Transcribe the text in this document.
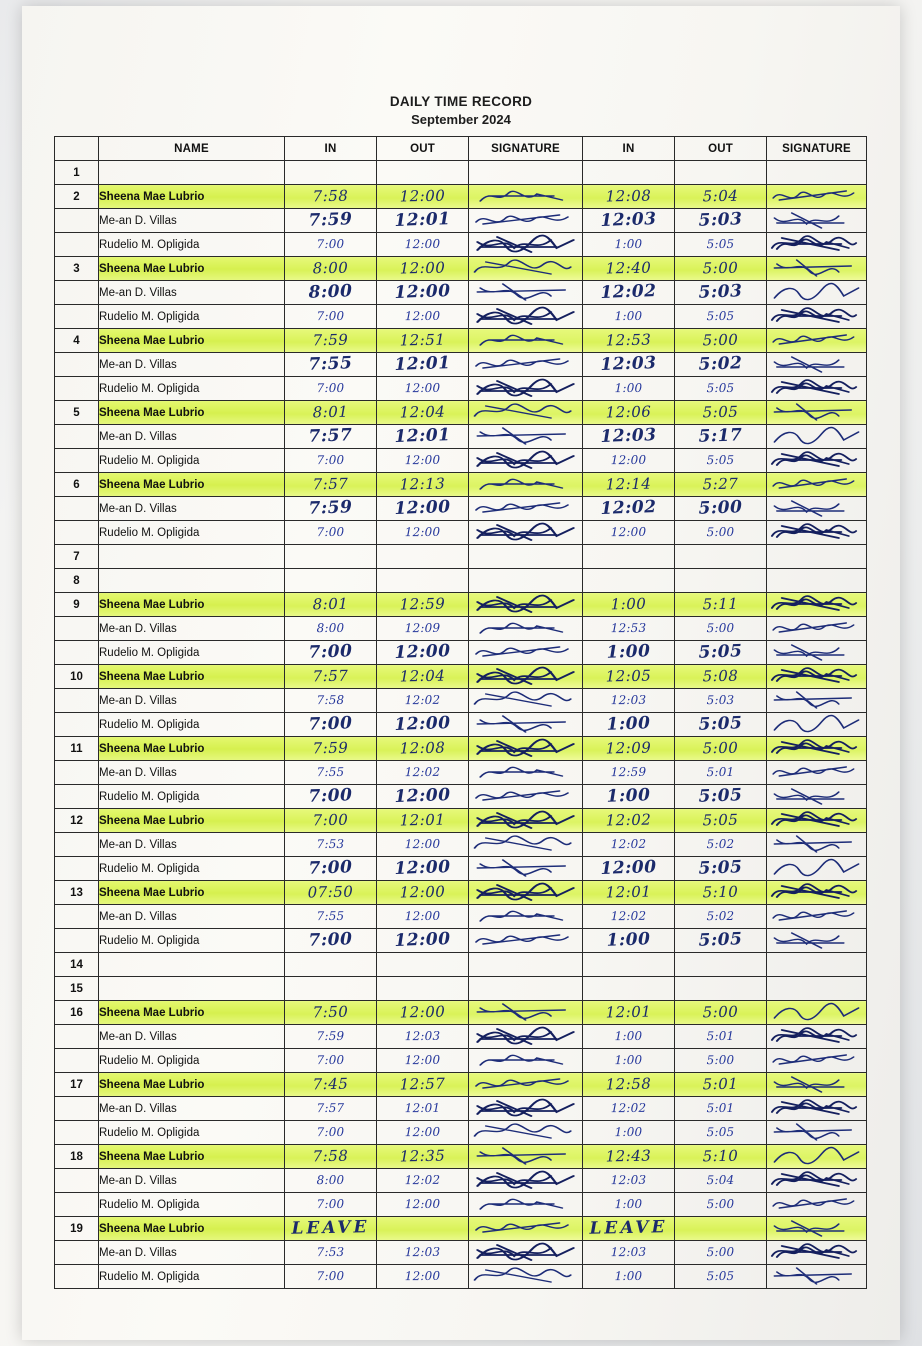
DAILY TIME RECORD
September 2024
	NAME	IN	OUT	SIGNATURE	IN	OUT	SIGNATURE
1							
2	Sheena Mae Lubrio	7:58	12:00		12:08	5:04

	Me-an D. Villas	7:59	12:01		12:03	5:03

	Rudelio M. Opligida	7:00	12:00		1:00	5:05

3	Sheena Mae Lubrio	8:00	12:00		12:40	5:00

	Me-an D. Villas	8:00	12:00		12:02	5:03

	Rudelio M. Opligida	7:00	12:00		1:00	5:05

4	Sheena Mae Lubrio	7:59	12:51		12:53	5:00

	Me-an D. Villas	7:55	12:01		12:03	5:02

	Rudelio M. Opligida	7:00	12:00		1:00	5:05

5	Sheena Mae Lubrio	8:01	12:04		12:06	5:05

	Me-an D. Villas	7:57	12:01		12:03	5:17

	Rudelio M. Opligida	7:00	12:00		12:00	5:05

6	Sheena Mae Lubrio	7:57	12:13		12:14	5:27

	Me-an D. Villas	7:59	12:00		12:02	5:00

	Rudelio M. Opligida	7:00	12:00		12:00	5:00

7							
8							
9	Sheena Mae Lubrio	8:01	12:59		1:00	5:11

	Me-an D. Villas	8:00	12:09		12:53	5:00

	Rudelio M. Opligida	7:00	12:00		1:00	5:05

10	Sheena Mae Lubrio	7:57	12:04		12:05	5:08

	Me-an D. Villas	7:58	12:02		12:03	5:03

	Rudelio M. Opligida	7:00	12:00		1:00	5:05

11	Sheena Mae Lubrio	7:59	12:08		12:09	5:00

	Me-an D. Villas	7:55	12:02		12:59	5:01

	Rudelio M. Opligida	7:00	12:00		1:00	5:05

12	Sheena Mae Lubrio	7:00	12:01		12:02	5:05

	Me-an D. Villas	7:53	12:00		12:02	5:02

	Rudelio M. Opligida	7:00	12:00		12:00	5:05

13	Sheena Mae Lubrio	07:50	12:00		12:01	5:10

	Me-an D. Villas	7:55	12:00		12:02	5:02

	Rudelio M. Opligida	7:00	12:00		1:00	5:05

14							
15							
16	Sheena Mae Lubrio	7:50	12:00		12:01	5:00

	Me-an D. Villas	7:59	12:03		1:00	5:01

	Rudelio M. Opligida	7:00	12:00		1:00	5:00

17	Sheena Mae Lubrio	7:45	12:57		12:58	5:01

	Me-an D. Villas	7:57	12:01		12:02	5:01

	Rudelio M. Opligida	7:00	12:00		1:00	5:05

18	Sheena Mae Lubrio	7:58	12:35		12:43	5:10

	Me-an D. Villas	8:00	12:02		12:03	5:04

	Rudelio M. Opligida	7:00	12:00		1:00	5:00

19	Sheena Mae Lubrio	LEAVE			LEAVE

	Me-an D. Villas	7:53	12:03		12:03	5:00

	Rudelio M. Opligida	7:00	12:00		1:00	5:05
